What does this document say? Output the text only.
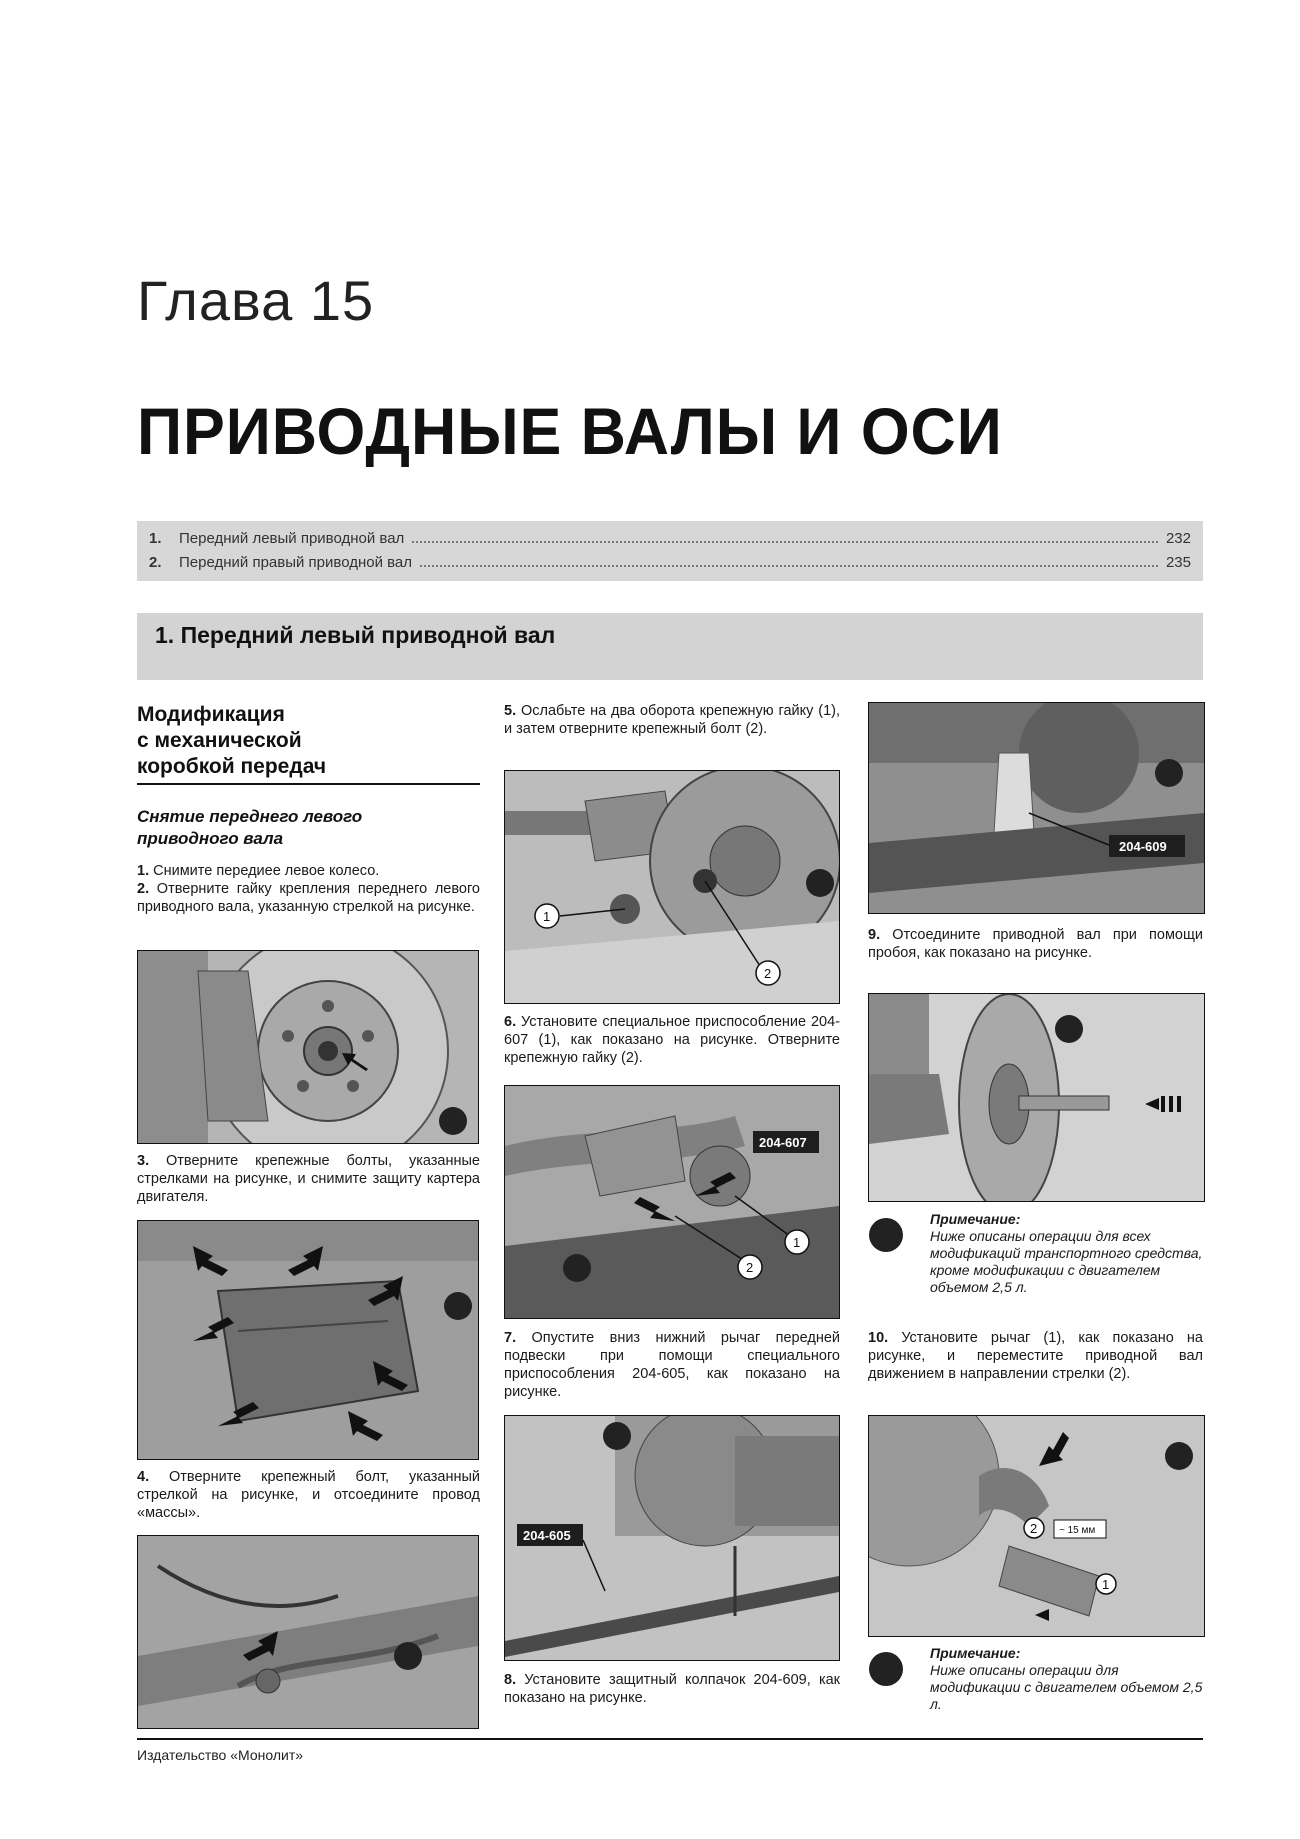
Глава 15
ПРИВОДНЫЕ ВАЛЫ И ОСИ
1.	Передний левый приводной вал	232
2.	Передний правый приводной вал	235
1. Передний левый приводной вал
Модификация
с механической
коробкой передач
Снятие переднего левого
приводного вала
1. Снимите передиее левое колесо.
2. Отверните гайку крепления переднего левого приводного вала, указанную стрелкой на рисунке.
3. Отверните крепежные болты, указанные стрелками на рисунке, и снимите защиту картера двигателя.
4. Отверните крепежный болт, указанный стрелкой на рисунке, и отсоедините провод «массы».
5. Ослабьте на два оборота крепежную гайку (1), и затем отверните крепежный болт (2).
1
2
6. Установите специальное приспособление 204-607 (1), как показано на рисунке. Отверните крепежную гайку (2).
204-607
1
2
7. Опустите вниз нижний рычаг передней подвески при помощи специального приспособления 204-605, как показано на рисунке.
204-605
8. Установите защитный колпачок 204-609, как показано на рисунке.
204-609
9. Отсоедините приводной вал при помощи пробоя, как показано на рисунке.
Примечание:
Ниже описаны операции для всех модификаций транспортного средства, кроме модификации с двигателем объемом 2,5 л.
10. Установите рычаг (1), как показано на рисунке, и переместите приводной вал движением в направлении стрелки (2).
2
1
~ 15 мм
Примечание:
Ниже описаны операции для модификации с двигателем объемом 2,5 л.
Издательство «Монолит»
